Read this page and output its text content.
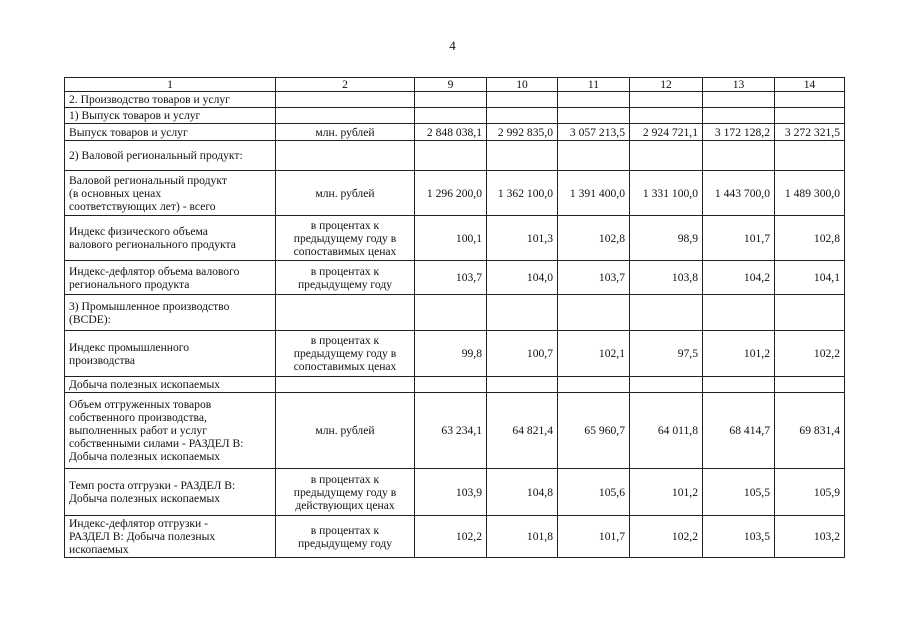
4
1	2	9	10	11	12	13	14

2. Производство товаров и услуг							

1) Выпуск товаров и услуг							

Выпуск товаров и услуг	млн. рублей	2 848 038,1	2 992 835,0	3 057 213,5	2 924 721,1	3 172 128,2	3 272 321,5

2) Валовой региональный продукт:							

Валовой региональный продукт
(в основных ценах
соответствующих лет) - всего	млн. рублей	1 296 200,0	1 362 100,0	1 391 400,0	1 331 100,0	1 443 700,0	1 489 300,0

Индекс физического объема
валового регионального продукта	в процентах к
предыдущему году в
сопоставимых ценах	100,1	101,3	102,8	98,9	101,7	102,8

Индекс-дефлятор объема валового
регионального продукта	в процентах к
предыдущему году	103,7	104,0	103,7	103,8	104,2	104,1

3) Промышленное производство
(BCDE):							

Индекс промышленного
производства	в процентах к
предыдущему году в
сопоставимых ценах	99,8	100,7	102,1	97,5	101,2	102,2

Добыча полезных ископаемых							

Объем отгруженных товаров
собственного производства,
выполненных работ и услуг
собственными силами - РАЗДЕЛ В:
Добыча полезных ископаемых	млн. рублей	63 234,1	64 821,4	65 960,7	64 011,8	68 414,7	69 831,4

Темп роста отгрузки - РАЗДЕЛ В:
Добыча полезных ископаемых	в процентах к
предыдущему году в
действующих ценах	103,9	104,8	105,6	101,2	105,5	105,9

Индекс-дефлятор отгрузки -
РАЗДЕЛ В: Добыча полезных
ископаемых	в процентах к
предыдущему году	102,2	101,8	101,7	102,2	103,5	103,2
